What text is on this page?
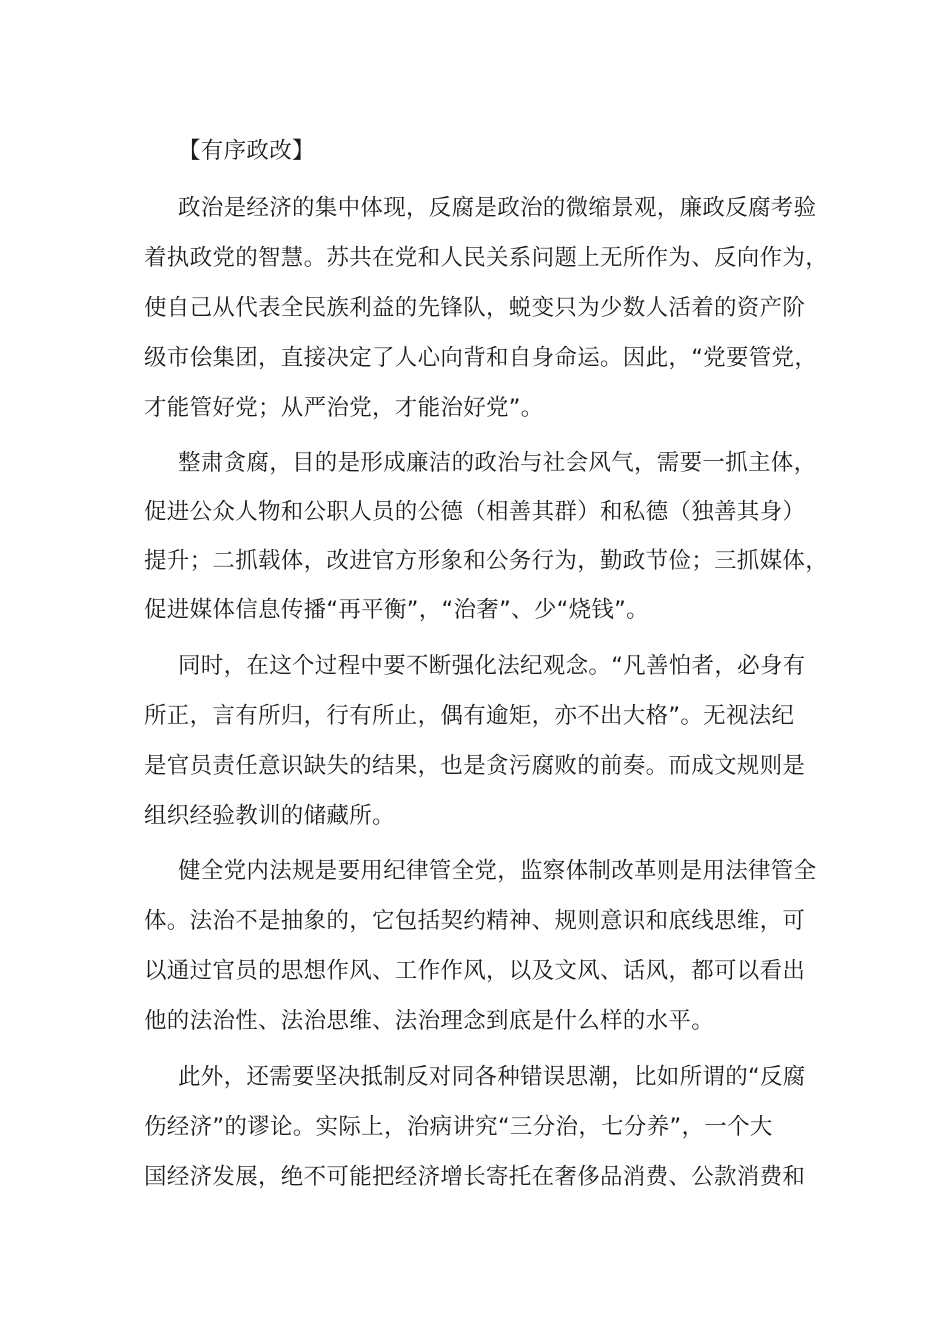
【有序政改】
政治是经济的集中体现，反腐是政治的微缩景观，廉政反腐考验
着执政党的智慧。苏共在党和人民关系问题上无所作为、反向作为，
使自己从代表全民族利益的先锋队，蜕变只为少数人活着的资产阶
级市侩集团，直接决定了人心向背和自身命运。因此，“党要管党，
才能管好党；从严治党，才能治好党”。
整肃贪腐，目的是形成廉洁的政治与社会风气，需要一抓主体，
促进公众人物和公职人员的公德（相善其群）和私德（独善其身）
提升；二抓载体，改进官方形象和公务行为，勤政节俭；三抓媒体，
促进媒体信息传播“再平衡”，“治奢”、少“烧钱”。
同时，在这个过程中要不断强化法纪观念。“凡善怕者，必身有
所正，言有所归，行有所止，偶有逾矩，亦不出大格”。无视法纪
是官员责任意识缺失的结果，也是贪污腐败的前奏。而成文规则是
组织经验教训的储藏所。
健全党内法规是要用纪律管全党，监察体制改革则是用法律管全
体。法治不是抽象的，它包括契约精神、规则意识和底线思维，可
以通过官员的思想作风、工作作风，以及文风、话风，都可以看出
他的法治性、法治思维、法治理念到底是什么样的水平。
此外，还需要坚决抵制反对同各种错误思潮，比如所谓的“反腐
伤经济”的谬论。实际上，治病讲究“三分治，七分养”，一个大
国经济发展，绝不可能把经济增长寄托在奢侈品消费、公款消费和
